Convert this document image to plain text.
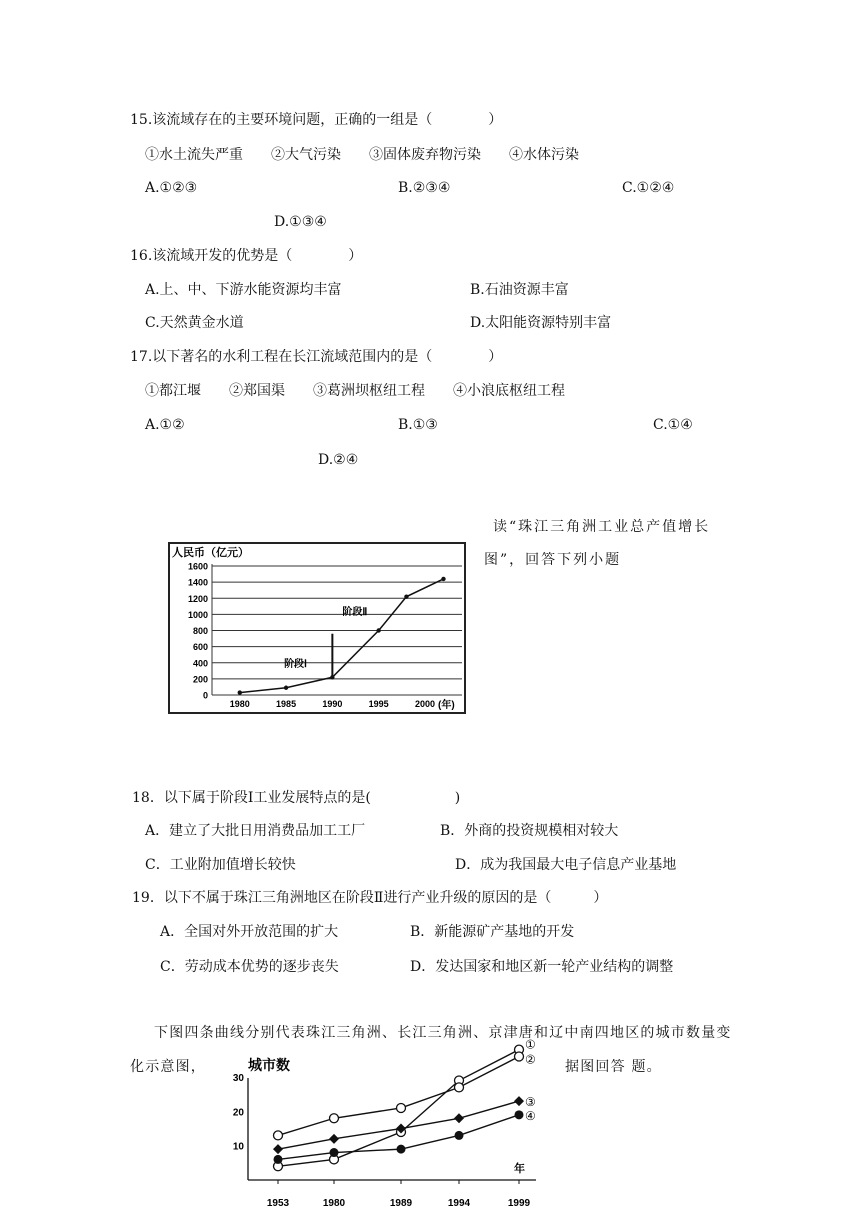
15.该流域存在的主要环境问题，正确的一组是（　　　　）
①水土流失严重　　②大气污染　　③固体废弃物污染　　④水体污染
A.①②③	B.②③④	C.①②④
D.①③④
16.该流域开发的优势是（　　　　）
A.上、中、下游水能资源均丰富	B.石油资源丰富
C.天然黄金水道	D.太阳能资源特别丰富
17.以下著名的水利工程在长江流域范围内的是（　　　　）
①都江堰　　②郑国渠　　③葛洲坝枢纽工程　　④小浪底枢纽工程
A.①②	B.①③	C.①④
D.②④
读“珠江三角洲工业总产值增长
图”，回答下列小题
人民币（亿元）
0
200
400
600
800
1000
1200
1400
1600
1980	1985	1990	1995	2000 (年)
阶段Ⅰ
阶段Ⅱ
18．以下属于阶段Ⅰ工业发展特点的是(　　　　　　)
A．建立了大批日用消费品加工工厂	B．外商的投资规模相对较大
C．工业附加值增长较快	D．成为我国最大电子信息产业基地
19．以下不属于珠江三角洲地区在阶段Ⅱ进行产业升级的原因的是（　　　）
A．全国对外开放范围的扩大	B．新能源矿产基地的开发
C．劳动成本优势的逐步丧失	D．发达国家和地区新一轮产业结构的调整
下图四条曲线分别代表珠江三角洲、长江三角洲、京津唐和辽中南四地区的城市数量变
化示意图，	据图回答 题。
城市数
10
20
30
1953	1980	1989	1994	1999
年
①
②
③
④
